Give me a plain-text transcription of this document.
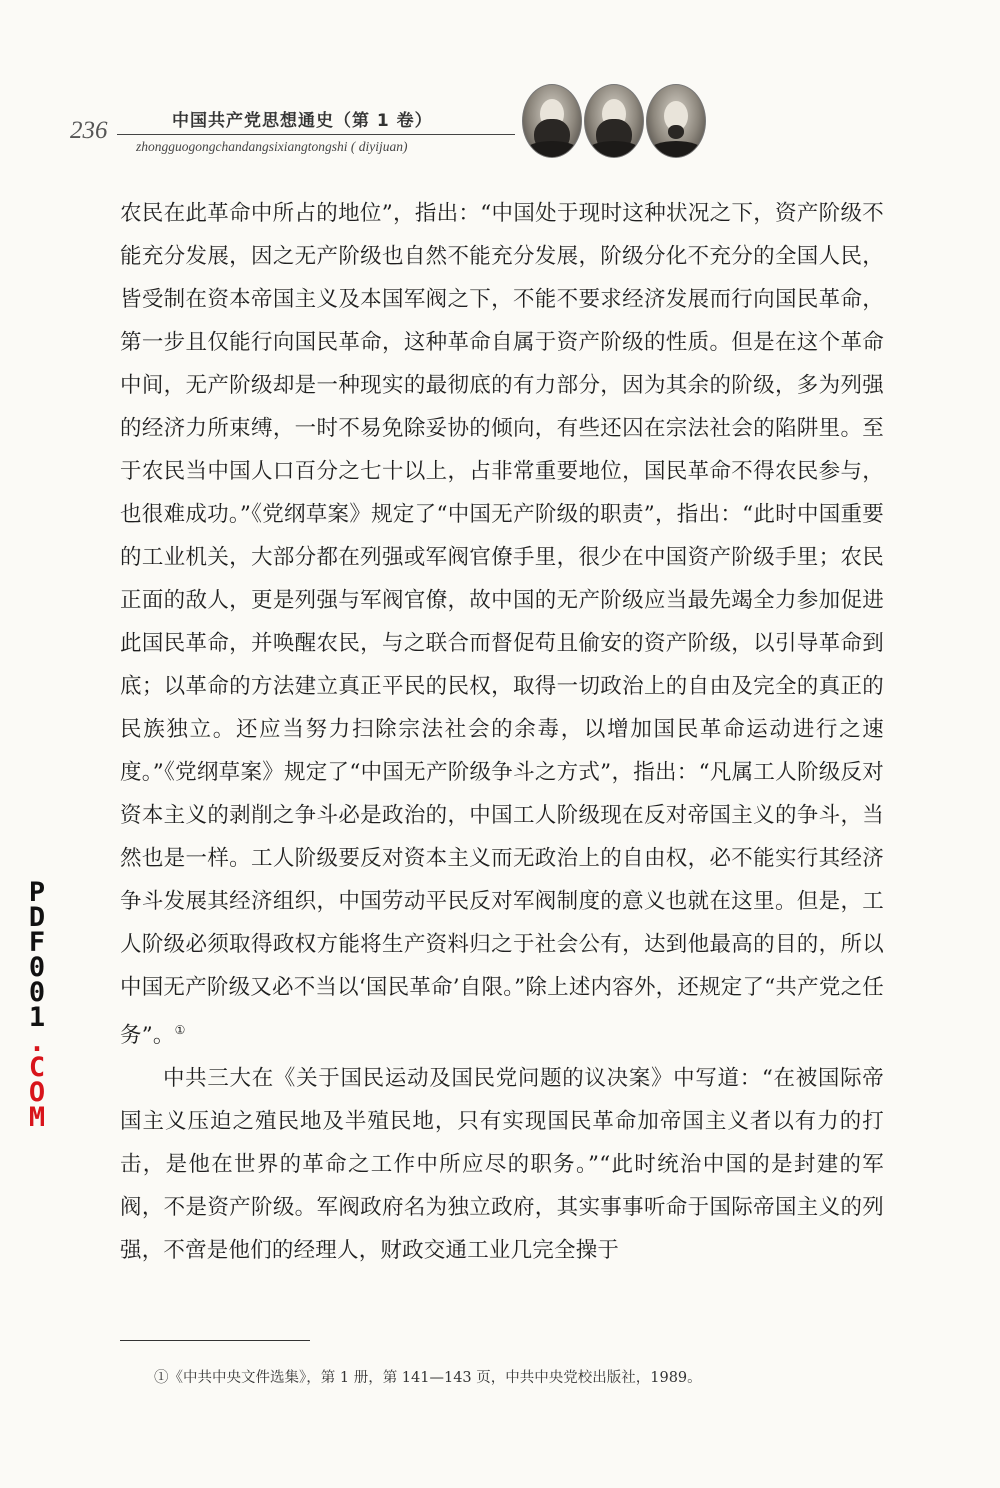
236	中国共产党思想通史（第 1 卷）
zhongguogongchandangsixiangtongshi ( diyijuan)

农民在此革命中所占的地位”，指出：“中国处于现时这种状况之下，资产阶级不能充分发展，因之无产阶级也自然不能充分发展，阶级分化不充分的全国人民，皆受制在资本帝国主义及本国军阀之下，不能不要求经济发展而行向国民革命，第一步且仅能行向国民革命，这种革命自属于资产阶级的性质。但是在这个革命中间，无产阶级却是一种现实的最彻底的有力部分，因为其余的阶级，多为列强的经济力所束缚，一时不易免除妥协的倾向，有些还囚在宗法社会的陷阱里。至于农民当中国人口百分之七十以上，占非常重要地位，国民革命不得农民参与，也很难成功。”《党纲草案》规定了“中国无产阶级的职责”，指出：“此时中国重要的工业机关，大部分都在列强或军阀官僚手里，很少在中国资产阶级手里；农民正面的敌人，更是列强与军阀官僚，故中国的无产阶级应当最先竭全力参加促进此国民革命，并唤醒农民，与之联合而督促苟且偷安的资产阶级，以引导革命到底；以革命的方法建立真正平民的民权，取得一切政治上的自由及完全的真正的民族独立。还应当努力扫除宗法社会的余毒，以增加国民革命运动进行之速度。”《党纲草案》规定了“中国无产阶级争斗之方式”，指出：“凡属工人阶级反对资本主义的剥削之争斗必是政治的，中国工人阶级现在反对帝国主义的争斗，当然也是一样。工人阶级要反对资本主义而无政治上的自由权，必不能实行其经济争斗发展其经济组织，中国劳动平民反对军阀制度的意义也就在这里。但是，工人阶级必须取得政权方能将生产资料归之于社会公有，达到他最高的目的，所以中国无产阶级又必不当以‘国民革命’自限。”除上述内容外，还规定了“共产党之任务”。①

中共三大在《关于国民运动及国民党问题的议决案》中写道：“在被国际帝国主义压迫之殖民地及半殖民地，只有实现国民革命加帝国主义者以有力的打击，是他在世界的革命之工作中所应尽的职务。”“此时统治中国的是封建的军阀，不是资产阶级。军阀政府名为独立政府，其实事事听命于国际帝国主义的列强，不啻是他们的经理人，财政交通工业几完全操于

①《中共中央文件选集》，第 1 册，第 141—143 页，中共中央党校出版社，1989。
P
D
F
0
0
1
.
C
O
M
